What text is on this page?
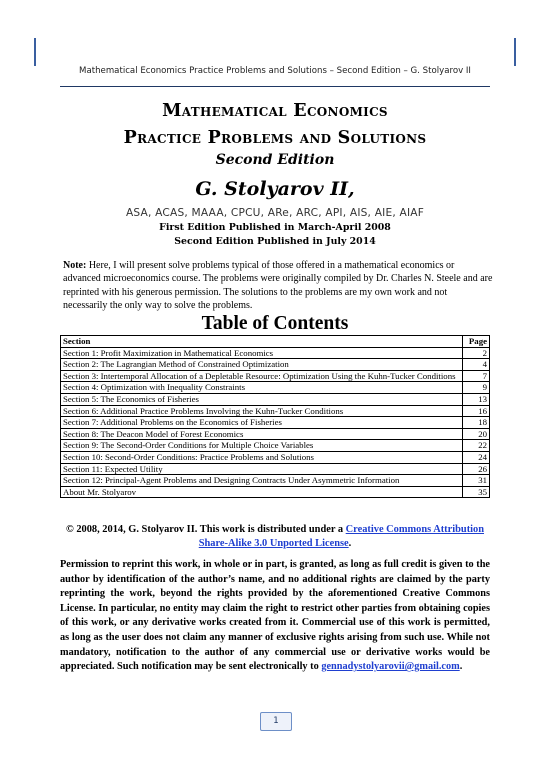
Mathematical Economics Practice Problems and Solutions – Second Edition – G. Stolyarov II
Mathematical Economics
Practice Problems and Solutions
Second Edition
G. Stolyarov II,
ASA, ACAS, MAAA, CPCU, ARe, ARC, API, AIS, AIE, AIAF
First Edition Published in March-April 2008
Second Edition Published in July 2014
Note: Here, I will present solve problems typical of those offered in a mathematical economics or advanced microeconomics course. The problems were originally compiled by Dr. Charles N. Steele and are reprinted with his generous permission. The solutions to the problems are my own work and not necessarily the only way to solve the problems.
Table of Contents
Section	Page
Section 1: Profit Maximization in Mathematical Economics	2
Section 2: The Lagrangian Method of Constrained Optimization	4
Section 3: Intertemporal Allocation of a Depletable Resource: Optimization Using the Kuhn-Tucker Conditions	7
Section 4: Optimization with Inequality Constraints	9
Section 5: The Economics of Fisheries	13
Section 6: Additional Practice Problems Involving the Kuhn-Tucker Conditions	16
Section 7: Additional Problems on the Economics of Fisheries	18
Section 8: The Deacon Model of Forest Economics	20
Section 9: The Second-Order Conditions for Multiple Choice Variables	22
Section 10: Second-Order Conditions: Practice Problems and Solutions	24
Section 11: Expected Utility	26
Section 12: Principal-Agent Problems and Designing Contracts Under Asymmetric Information	31
About Mr. Stolyarov	35
© 2008, 2014, G. Stolyarov II. This work is distributed under a Creative Commons Attribution Share-Alike 3.0 Unported License.
Permission to reprint this work, in whole or in part, is granted, as long as full credit is given to the author by identification of the author’s name, and no additional rights are claimed by the party reprinting the work, beyond the rights provided by the aforementioned Creative Commons License. In particular, no entity may claim the right to restrict other parties from obtaining copies of this work, or any derivative works created from it. Commercial use of this work is permitted, as long as the user does not claim any manner of exclusive rights arising from such use. While not mandatory, notification to the author of any commercial use or derivative works would be appreciated. Such notification may be sent electronically to gennadystolyarovii@gmail.com.
1
